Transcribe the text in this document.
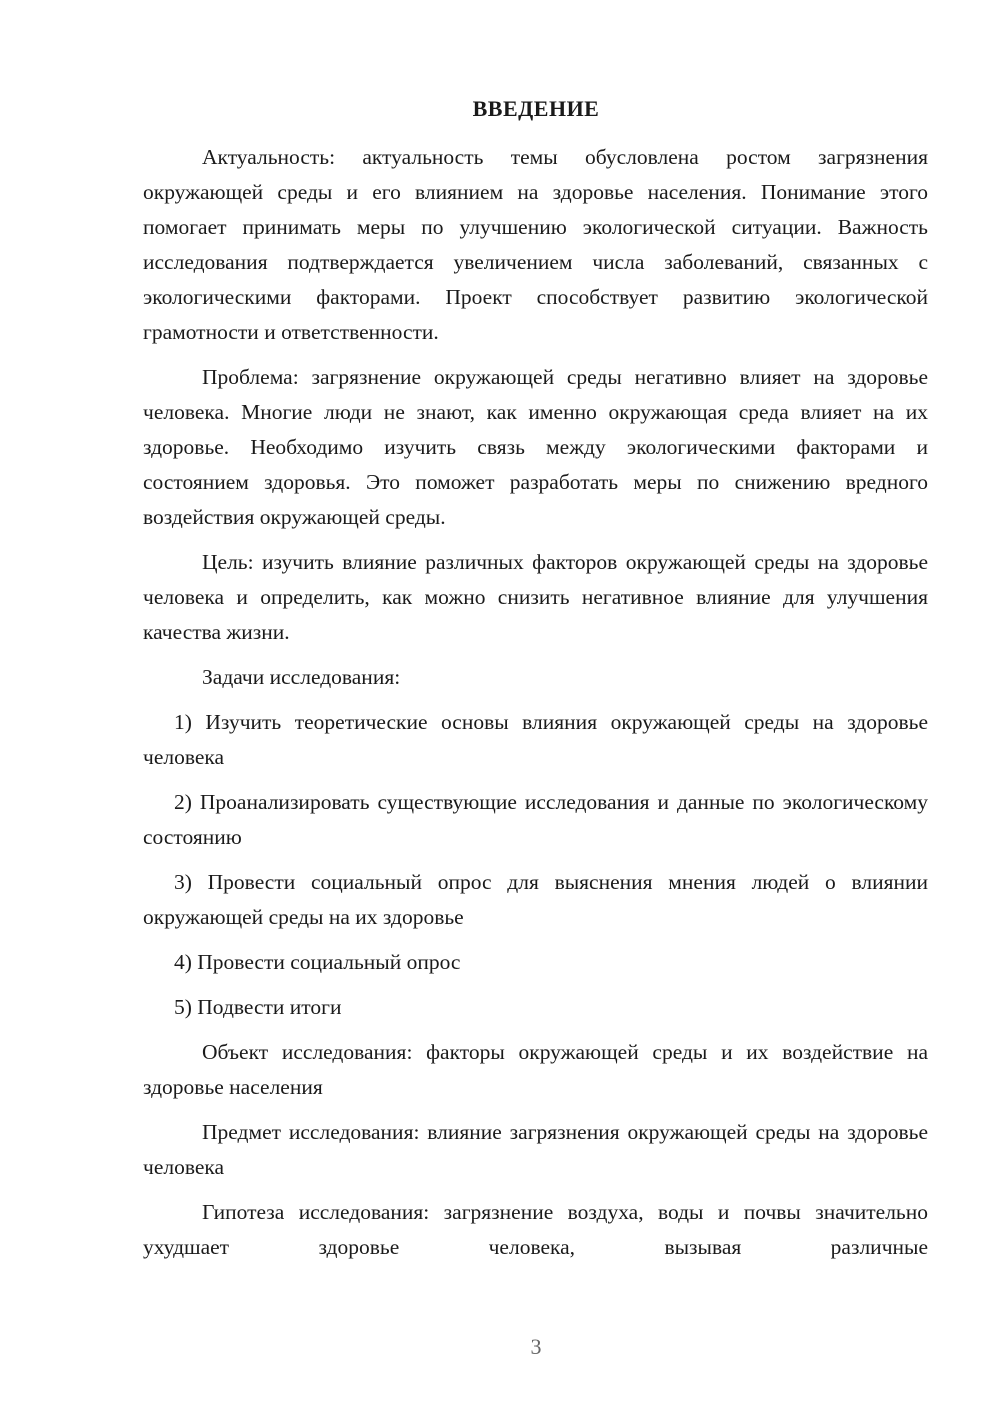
ВВЕДЕНИЕ

Актуальность: актуальность темы обусловлена ростом загрязнения окружающей среды и его влиянием на здоровье населения. Понимание этого помогает принимать меры по улучшению экологической ситуации. Важность исследования подтверждается увеличением числа заболеваний, связанных с экологическими факторами. Проект способствует развитию экологической грамотности и ответственности.

Проблема: загрязнение окружающей среды негативно влияет на здоровье человека. Многие люди не знают, как именно окружающая среда влияет на их здоровье. Необходимо изучить связь между экологическими факторами и состоянием здоровья. Это поможет разработать меры по снижению вредного воздействия окружающей среды.

Цель: изучить влияние различных факторов окружающей среды на здоровье человека и определить, как можно снизить негативное влияние для улучшения качества жизни.

Задачи исследования:

1) Изучить теоретические основы влияния окружающей среды на здоровье человека

2) Проанализировать существующие исследования и данные по экологическому состоянию

3) Провести социальный опрос для выяснения мнения людей о влиянии окружающей среды на их здоровье

4) Провести социальный опрос

5) Подвести итоги

Объект исследования: факторы окружающей среды и их воздействие на здоровье населения

Предмет исследования: влияние загрязнения окружающей среды на здоровье человека

Гипотеза исследования: загрязнение воздуха, воды и почвы значительно ухудшает здоровье человека, вызывая различные

3
